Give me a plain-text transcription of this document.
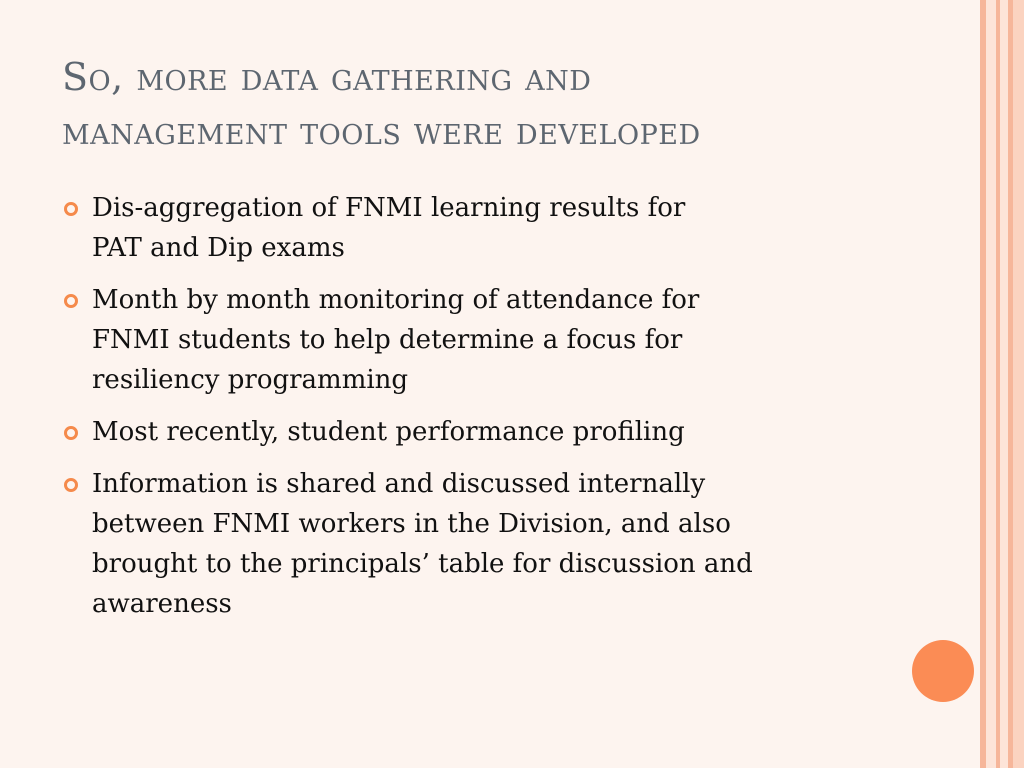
So, more data gathering and
management tools were developed
Dis-aggregation of FNMI learning results for
PAT and Dip exams
Month by month monitoring of attendance for
FNMI students to help determine a focus for
resiliency programming
Most recently, student performance profiling
Information is shared and discussed internally
between FNMI workers in the Division, and also
brought to the principals’ table for discussion and
awareness
